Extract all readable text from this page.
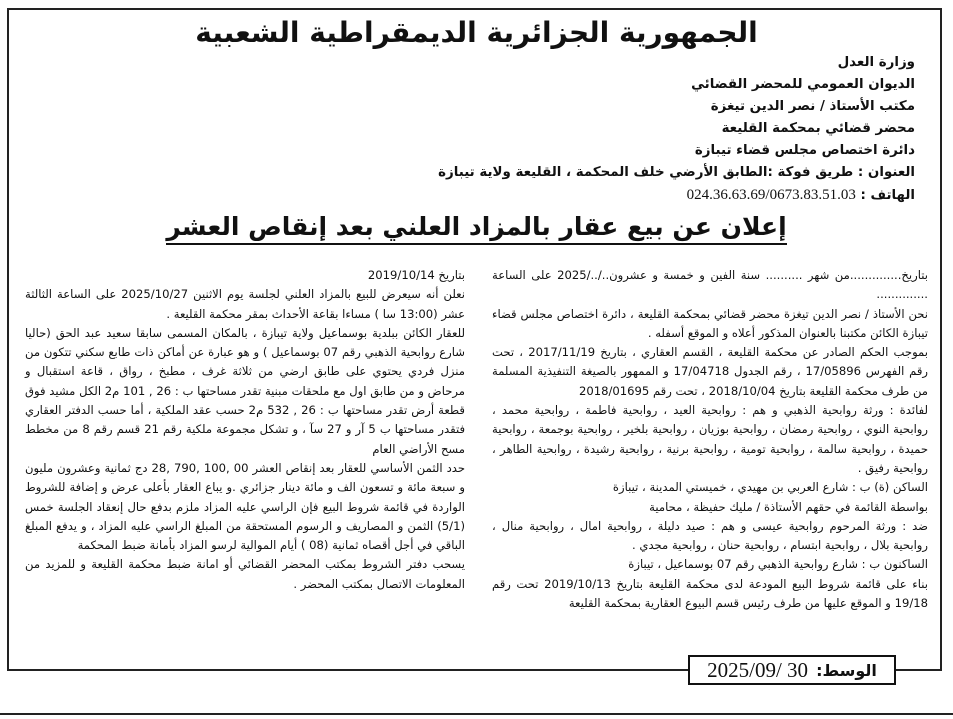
الجمهورية الجزائرية الديمقراطية الشعبية
وزارة العدل
الديوان العمومي للمحضر القضائي
مكتب الأستاذ / نصر الدين تيغزة
محضر قضائي بمحكمة القليعة
دائرة اختصاص مجلس قضاء تيبازة
العنوان : طريق فوكة :الطابق الأرضي خلف المحكمة ، القليعة ولاية تيبازة
الهاتف : 024.36.63.69/0673.83.51.03
إعلان عن بيع عقار بالمزاد العلني بعد إنقاص العشر

بتاريخ..............من شهر .......... سنة الفين و خمسة و عشرون../../2025 على الساعة ..............

نحن الأستاذ / نصر الدين تيغزة محضر قضائي بمحكمة القليعة ، دائرة اختصاص مجلس قضاء تيبازة الكائن مكتبنا بالعنوان المذكور أعلاه و الموقع أسفله .

بموجب الحكم الصادر عن محكمة القليعة ، القسم العقاري ، بتاريخ 2017/11/19 ، تحت رقم الفهرس 17/05896 ، رقم الجدول 17/04718 و الممهور بالصيغة التنفيذية المسلمة من طرف محكمة القليعة بتاريخ 2018/10/04 ، تحت رقم 2018/01695

لفائدة : ورثة روابحية الذهبي و هم : روابحية العيد ، روابحية فاطمة ، روابحية محمد ، روابحية النوي ، روابحية رمضان ، روابحية بوزيان ، روابحية بلخير ، روابحية بوجمعة ، روابحية حميدة ، روابحية سالمة ، روابحية تومية ، روابحية برنية ، روابحية رشيدة ، روابحية الطاهر ، روابحية رفيق .

الساكن (ة) ب : شارع العربي بن مهيدي ، خميستي المدينة ، تيبازة

بواسطة القائمة في حقهم الأستاذة / مليك حفيظة ، محامية

ضد : ورثة المرحوم روابحية عيسى و هم : صيد دليلة ، روابحية امال ، روابحية منال ، روابحية بلال ، روابحية ابتسام ، روابحية حنان ، روابحية مجدي .

الساكنون ب : شارع روابحية الذهبي رقم 07 بوسماعيل ، تيبازة

بناء على قائمة شروط البيع المودعة لدى محكمة القليعة بتاريخ 2019/10/13 تحت رقم 19/18 و الموقع عليها من طرف رئيس قسم البيوع العقارية بمحكمة القليعة

بتاريخ 2019/10/14

نعلن أنه سيعرض للبيع بالمزاد العلني لجلسة يوم الاثنين 2025/10/27 على الساعة الثالثة عشر (13:00 سا ) مساءا بقاعة الأحداث بمقر محكمة القليعة .

للعقار الكائن ببلدية بوسماعيل ولاية تيبازة ، بالمكان المسمى سابقا سعيد عبد الحق (حاليا شارع روابحية الذهبي رقم 07 بوسماعيل ) و هو عبارة عن أماكن ذات طابع سكني تتكون من منزل فردي يحتوي على طابق ارضي من ثلاثة غرف ، مطبخ ، رواق ، قاعة استقبال و مرحاض و من طابق اول مع ملحقات مبنية تقدر مساحتها ب : 26 , 101 م2 الكل مشيد فوق قطعة أرض تقدر مساحتها ب : 26 , 532 م2 حسب عقد الملكية ، أما حسب الدفتر العقاري فتقدر مساحتها ب 5 آر و 27 سآ ، و تشكل مجموعة ملكية رقم 21 قسم رقم 8 من مخطط مسح الأراضي العام

حدد الثمن الأساسي للعقار بعد إنقاص العشر 00 ,100 ,790 ,28 دج ثمانية وعشرون مليون و سبعة مائة و تسعون الف و مائة دينار جزائري .و يباع العقار بأعلى عرض و إضافة للشروط الواردة في قائمة شروط البيع فإن الراسي عليه المزاد ملزم بدفع حال إنعقاد الجلسة خمس (5/1) الثمن و المصاريف و الرسوم المستحقة من المبلغ الراسي عليه المزاد ، و يدفع المبلغ الباقي في أجل أقصاه ثمانية (08 ) أيام الموالية لرسو المزاد بأمانة ضبط المحكمة

يسحب دفتر الشروط بمكتب المحضر القضائي أو امانة ضبط محكمة القليعة و للمزيد من المعلومات الاتصال بمكتب المحضر .

الوسط:
2025/09/ 30
